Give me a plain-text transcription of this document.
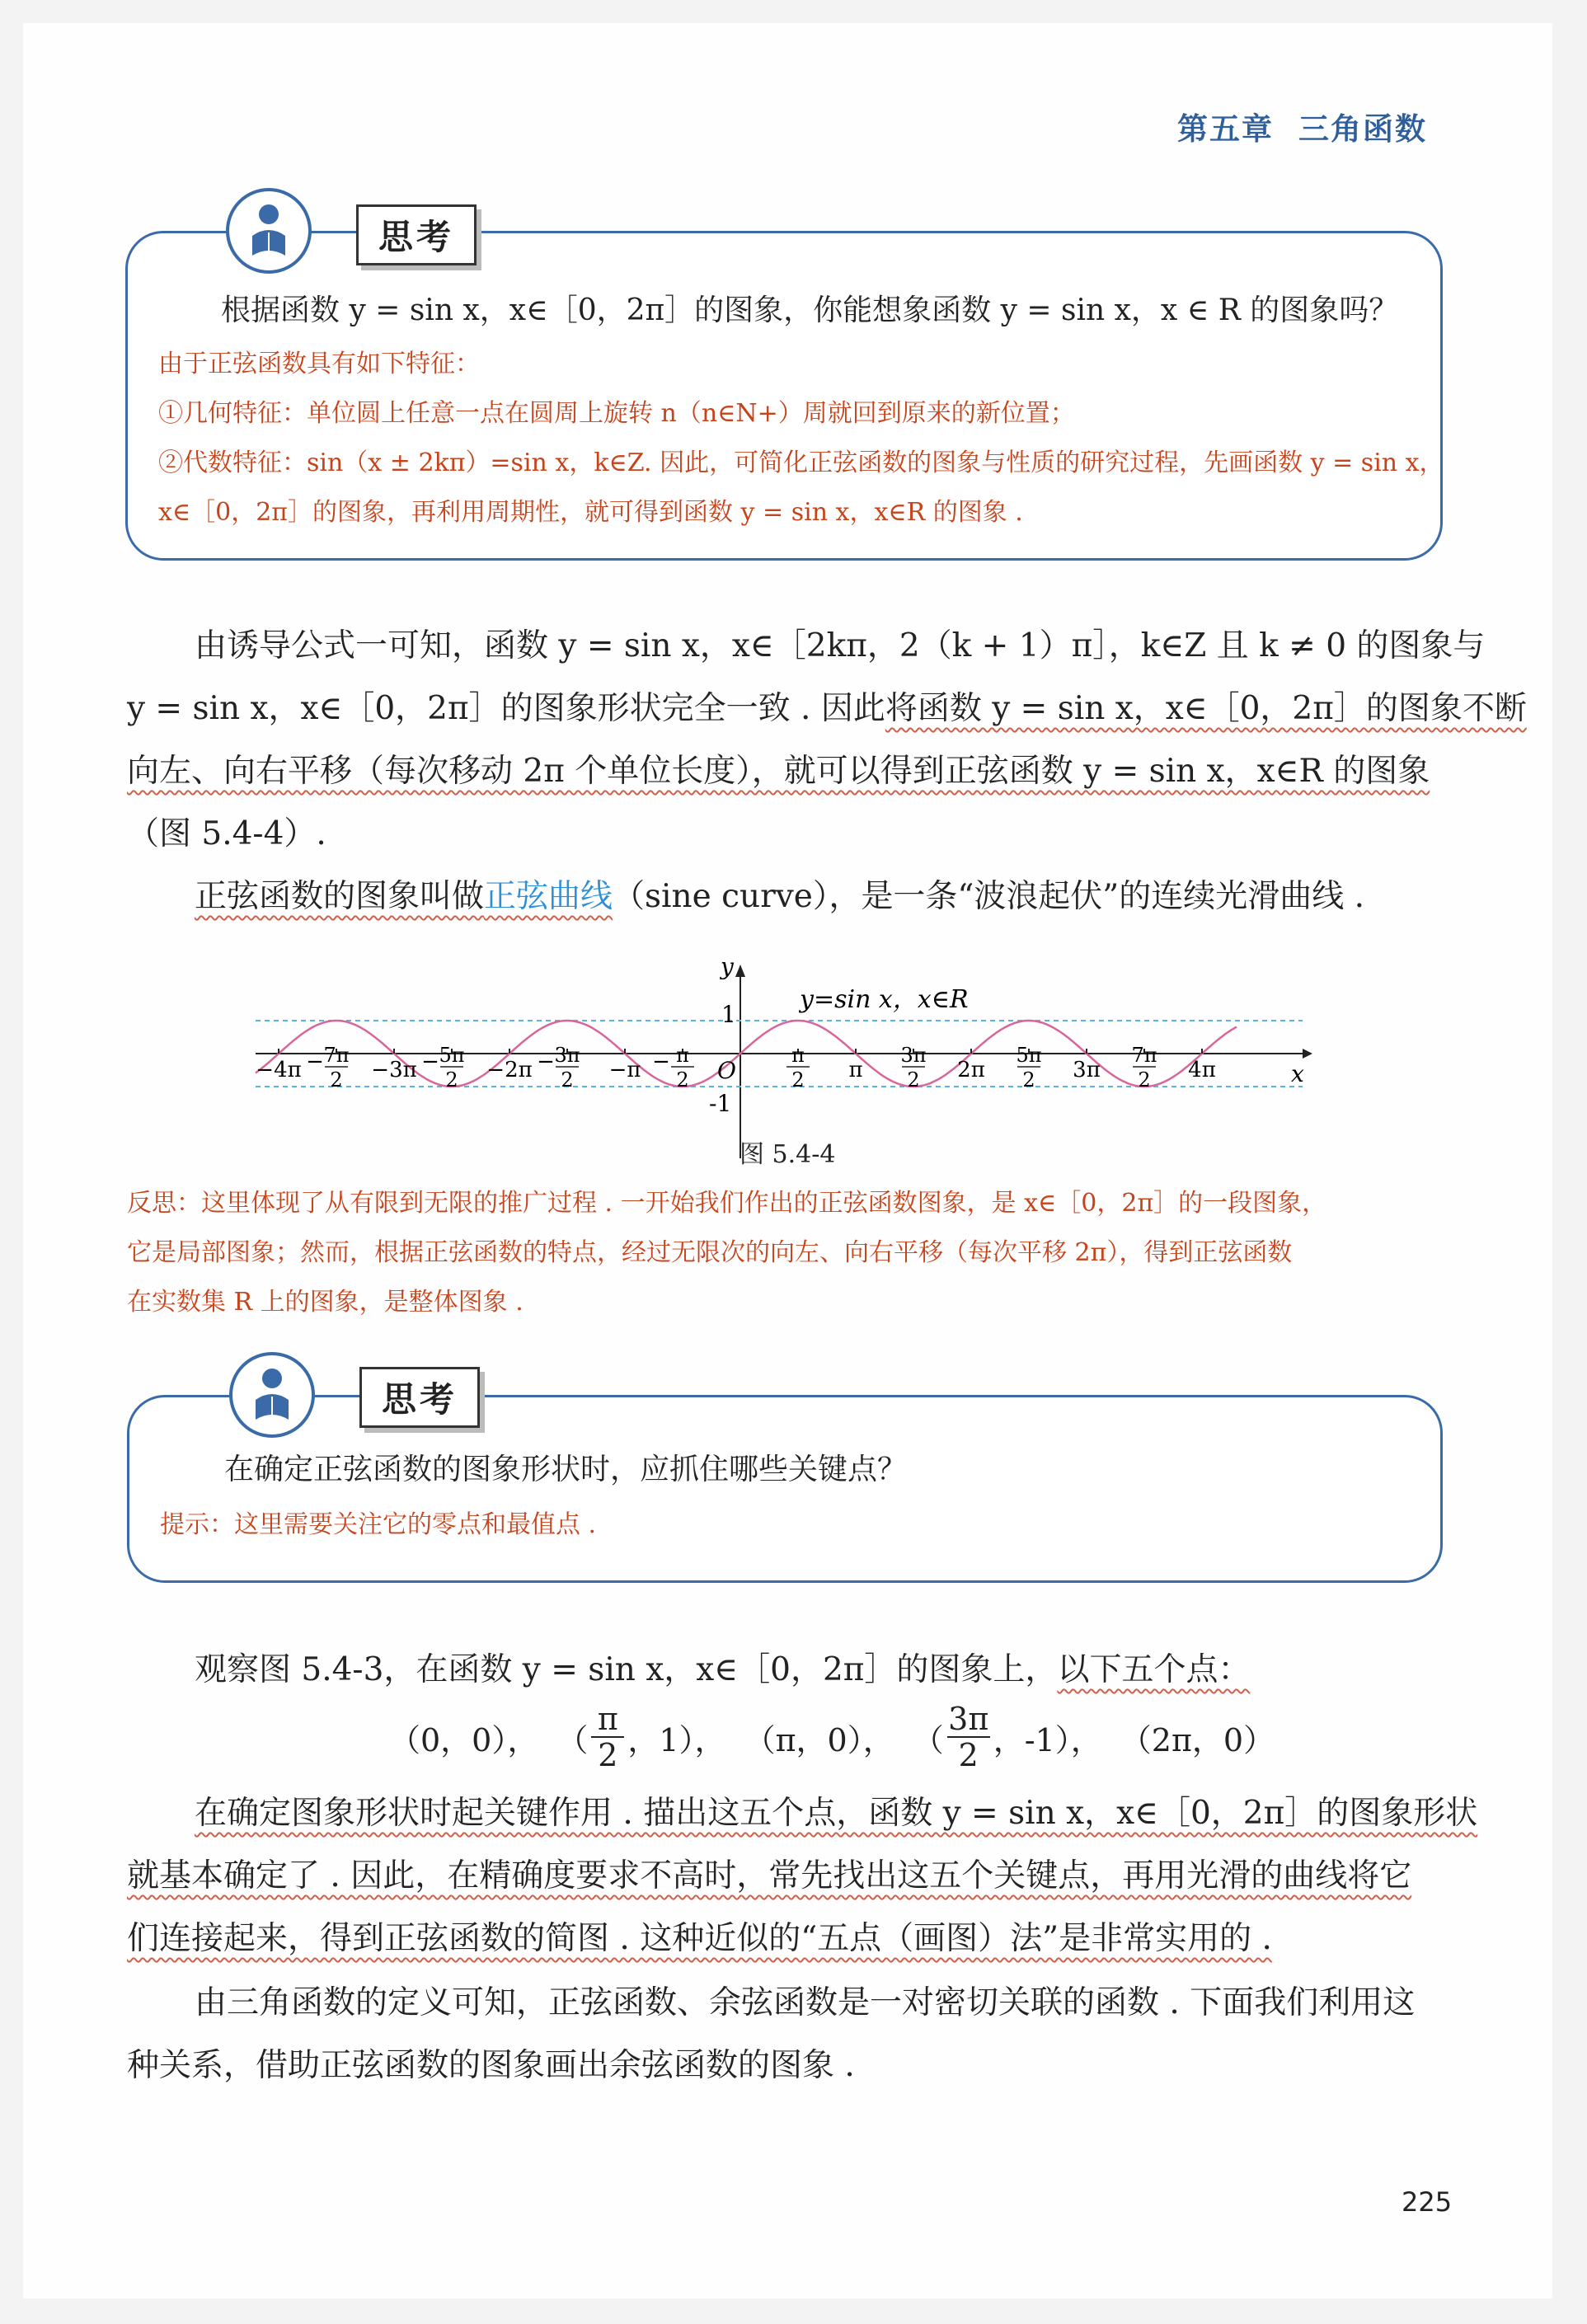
第五章 三角函数
思考
根据函数 y = sin x，x∈［0，2π］的图象，你能想象函数 y = sin x，x ∈ R 的图象吗？
由于正弦函数具有如下特征：
①几何特征：单位圆上任意一点在圆周上旋转 n（n∈N+）周就回到原来的新位置；
②代数特征：sin（x ± 2kπ）=sin x，k∈Z. 因此，可简化正弦函数的图象与性质的研究过程，先画函数 y = sin x，
x∈［0，2π］的图象，再利用周期性，就可得到函数 y = sin x，x∈R 的图象 .
由诱导公式一可知，函数 y = sin x，x∈［2kπ，2（k + 1）π］，k∈Z 且 k ≠ 0 的图象与
y = sin x，x∈［0，2π］的图象形状完全一致 . 因此将函数 y = sin x，x∈［0，2π］的图象不断
向左、向右平移（每次移动 2π 个单位长度），就可以得到正弦函数 y = sin x，x∈R 的图象
（图 5.4-4）.
正弦函数的图象叫做正弦曲线（sine curve），是一条“波浪起伏”的连续光滑曲线 .
y
x
O
1
-1
y=sin x，x∈R
−4π − 7π
2 −3π − 5π
2 −2π − 3π
2 −π − π
2
π
2 π
3π
2 2π
5π
2 3π
7π
2 4π
图 5.4-4
反思：这里体现了从有限到无限的推广过程 . 一开始我们作出的正弦函数图象，是 x∈［0，2π］的一段图象，
它是局部图象；然而，根据正弦函数的特点，经过无限次的向左、向右平移（每次平移 2π），得到正弦函数
在实数集 R 上的图象，是整体图象 .
思考
在确定正弦函数的图象形状时，应抓住哪些关键点？
提示：这里需要关注它的零点和最值点 .
观察图 5.4-3，在函数 y = sin x，x∈［0，2π］的图象上，以下五个点：
（0，0）， （
π
2 ，1）， （π，0）， （
3π
2 ，-1）， （2π，0）
在确定图象形状时起关键作用 . 描出这五个点，函数 y = sin x，x∈［0，2π］的图象形状
就基本确定了 . 因此，在精确度要求不高时，常先找出这五个关键点，再用光滑的曲线将它
们连接起来，得到正弦函数的简图 . 这种近似的“五点（画图）法”是非常实用的 .
由三角函数的定义可知，正弦函数、余弦函数是一对密切关联的函数 . 下面我们利用这
种关系，借助正弦函数的图象画出余弦函数的图象 .
225
